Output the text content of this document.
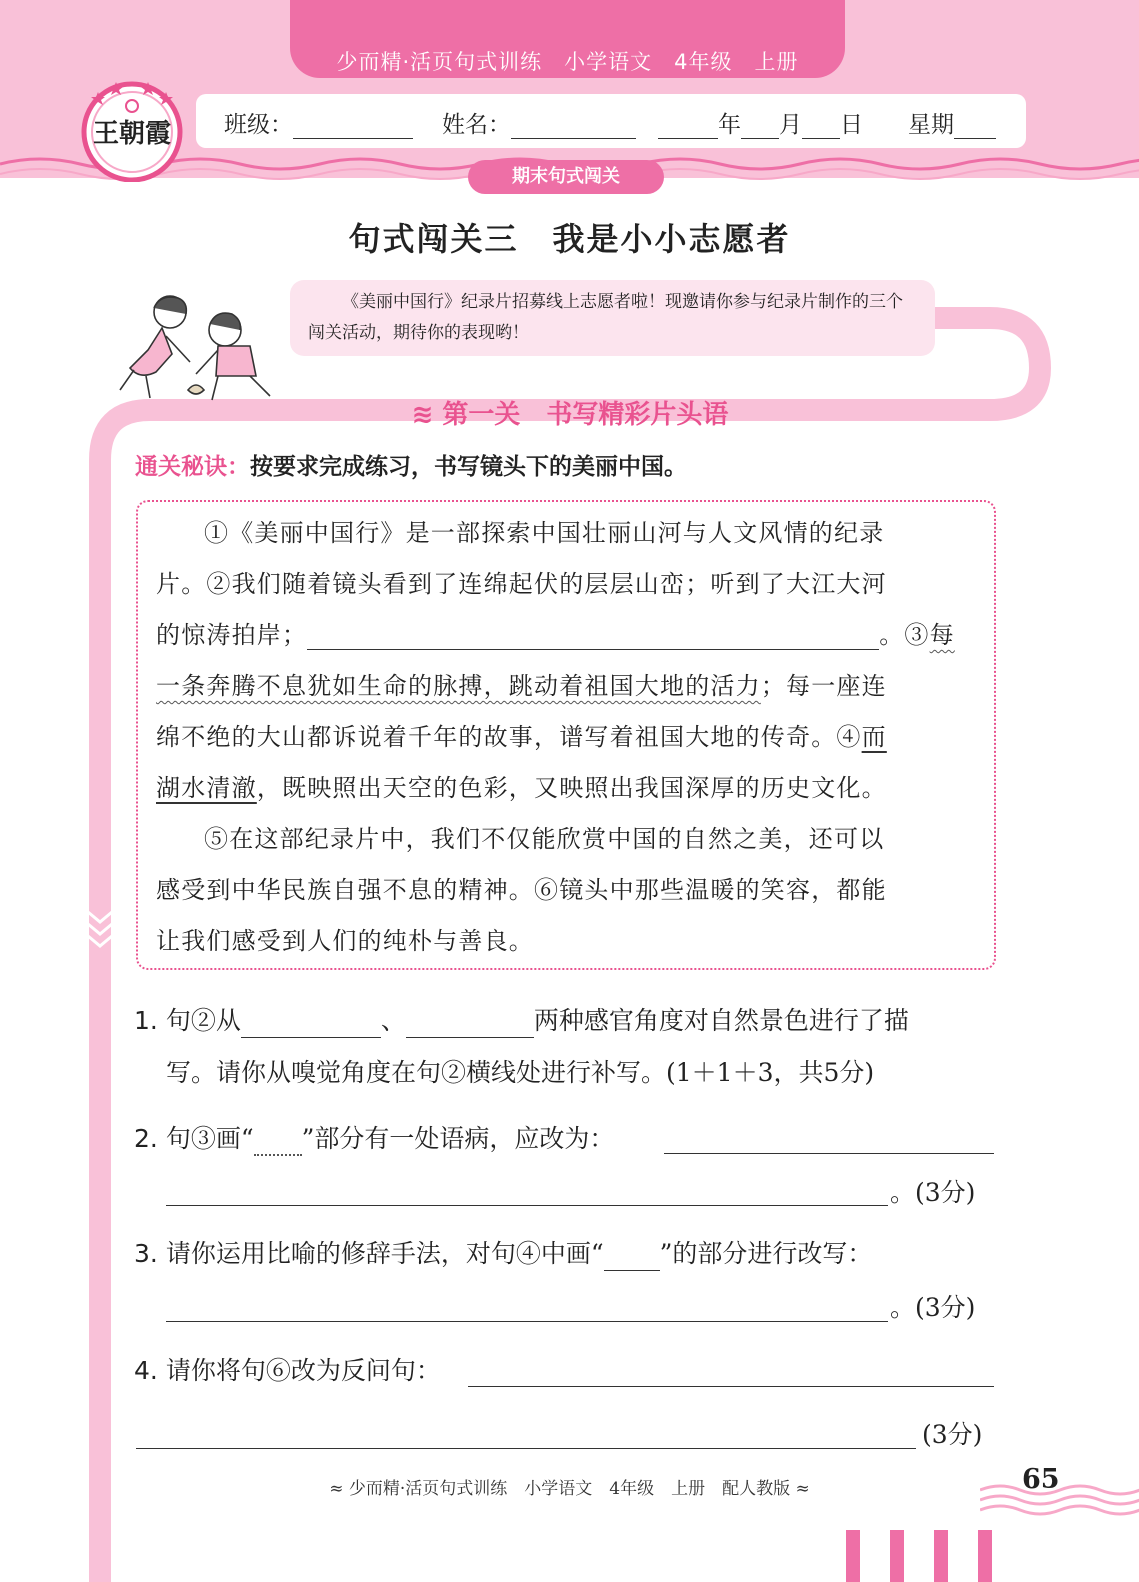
少而精·活页句式训练　小学语文　4年级　上册
班级：	姓名：	年 月 日 星期
王朝霞
期末句式闯关
句式闯关三　我是小小志愿者
《美丽中国行》纪录片招募线上志愿者啦！现邀请你参与纪录片制作的三个闯关活动，期待你的表现哟！
≋ 第一关　书写精彩片头语
通关秘诀：按要求完成练习，书写镜头下的美丽中国。
①《美丽中国行》是一部探索中国壮丽山河与人文风情的纪录
片。②我们随着镜头看到了连绵起伏的层层山峦；听到了大江大河
的惊涛拍岸；	。③每
一条奔腾不息犹如生命的脉搏，跳动着祖国大地的活力；每一座连
绵不绝的大山都诉说着千年的故事，谱写着祖国大地的传奇。④而
湖水清澈，既映照出天空的色彩，又映照出我国深厚的历史文化。
⑤在这部纪录片中，我们不仅能欣赏中国的自然之美，还可以
感受到中华民族自强不息的精神。⑥镜头中那些温暖的笑容，都能
让我们感受到人们的纯朴与善良。
1. 句②从	、	两种感官角度对自然景色进行了描
写。请你从嗅觉角度在句②横线处进行补写。(1＋1＋3，共5分)
2. 句③画“ ”部分有一处语病，应改为：
。(3分)
3. 请你运用比喻的修辞手法，对句④中画“ ”的部分进行改写：
。(3分)
4. 请你将句⑥改为反问句：
(3分)
≈ 少而精·活页句式训练　小学语文　4年级　上册　配人教版 ≈	65
